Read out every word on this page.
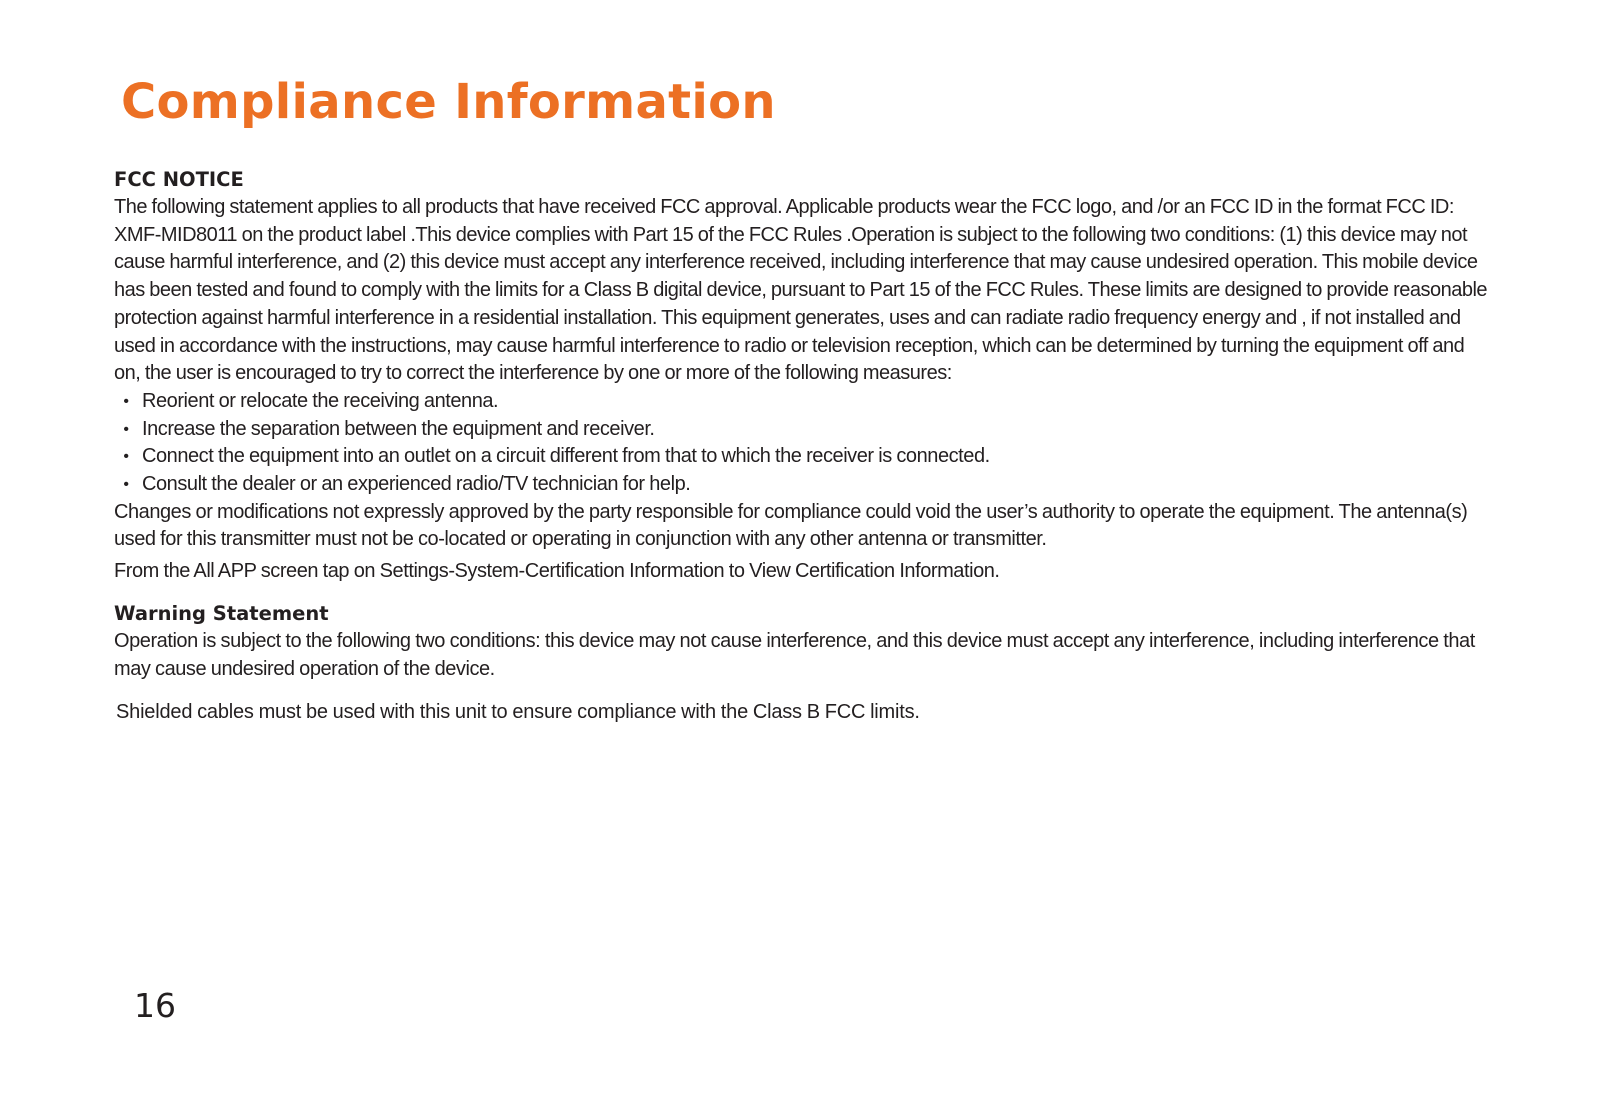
Compliance Information
FCC NOTICE

The following statement applies to all products that have received FCC approval. Applicable products wear the FCC logo, and /or an FCC ID in the format FCC ID: XMF-MID8011 on the product label .This device complies with Part 15 of the FCC Rules .Operation is subject to the following two conditions: (1) this device may not cause harmful interference, and (2) this device must accept any interference received, including interference that may cause undesired operation. This mobile device has been tested and found to comply with the limits for a Class B digital device, pursuant to Part 15 of the FCC Rules. These limits are designed to provide reasonable protection against harmful interference in a residential installation. This equipment generates, uses and can radiate radio frequency energy and , if not installed and used in accordance with the instructions, may cause harmful interference to radio or television reception, which can be determined by turning the equipment off and on, the user is encouraged to try to correct the interference by one or more of the following measures:

• Reorient or relocate the receiving antenna.
• Increase the separation between the equipment and receiver.
• Connect the equipment into an outlet on a circuit different from that to which the receiver is connected.
• Consult the dealer or an experienced radio/TV technician for help.

Changes or modifications not expressly approved by the party responsible for compliance could void the user’s authority to operate the equipment. The antenna(s) used for this transmitter must not be co-located or operating in conjunction with any other antenna or transmitter.

From the All APP screen tap on Settings-System-Certification Information to View Certification Information.

Warning Statement

Operation is subject to the following two conditions: this device may not cause interference, and this device must accept any interference, including interference that may cause undesired operation of the device.

Shielded cables must be used with this unit to ensure compliance with the Class B FCC limits.

16
